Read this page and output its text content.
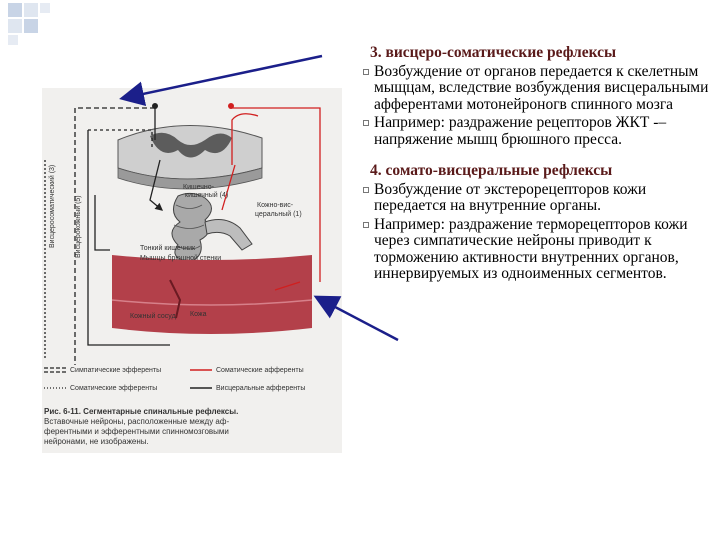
Висцеросоматический (3)	Висцерокожный (5)
Кишечно-
кишечный (4)
Кожно-вис-
церальный (1)
Тонкий кишечник
Мышцы брюшной стенки
Кожный сосуд Кожа
Симпатические эфференты	Соматические афференты
Соматические эфференты	Висцеральные афференты
Рис. 6-11. Сегментарные спинальные рефлексы.
Вставочные нейроны, расположенные между аф-
ферентными и эфферентными спинномозговыми
нейронами, не изображены.
3. висцеро-соматические рефлексы

Возбуждение от органов передается к скелетным мыщцам, вследствие возбуждения висцеральными афферентами мотонейроногв спинного мозга

Например: раздражение рецепторов ЖКТ -–напряжение мышц брюшного пресса.

4. сомато-висцеральные рефлексы

Возбуждение от экстерорецепторов кожи передается на внутренние органы.

Например: раздражение терморецепторов кожи через симпатические нейроны приводит к торможению активности внутренних органов, иннервируемых из одноименных сегментов.
